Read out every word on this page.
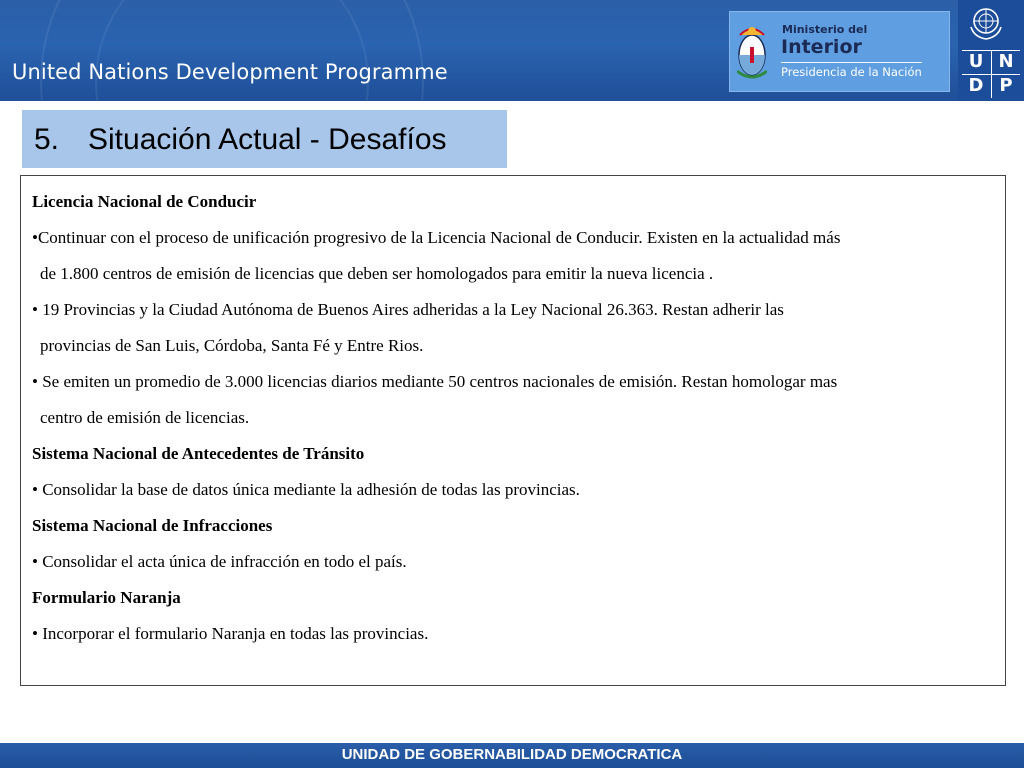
United Nations Development Programme
Ministerio del
Interior
Presidencia de la Nación	U N
D P
5. Situación Actual - Desafíos
Licencia Nacional de Conducir
•Continuar con el proceso de unificación progresivo de la Licencia Nacional de Conducir. Existen en la actualidad más
de 1.800 centros de emisión de licencias que deben ser homologados para emitir la nueva licencia .
• 19 Provincias y la Ciudad Autónoma de Buenos Aires adheridas a la Ley Nacional 26.363. Restan adherir las
provincias de San Luis, Córdoba, Santa Fé y Entre Rios.
• Se emiten un promedio de 3.000 licencias diarios mediante 50 centros nacionales de emisión. Restan homologar mas
centro de emisión de licencias.
Sistema Nacional de Antecedentes de Tránsito
• Consolidar la base de datos única mediante la adhesión de todas las provincias.
Sistema Nacional de Infracciones
• Consolidar el acta única de infracción en todo el país.
Formulario Naranja
• Incorporar el formulario Naranja en todas las provincias.
UNIDAD DE GOBERNABILIDAD DEMOCRATICA
